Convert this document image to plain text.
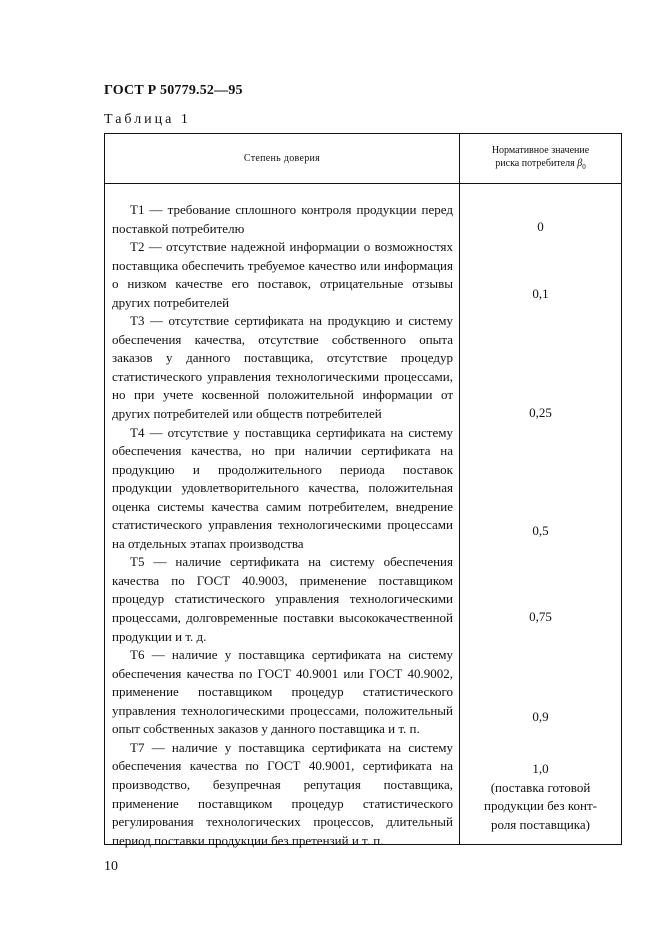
ГОСТ Р 50779.52—95
Таблица 1
Степень доверия
Нормативное значение
риска потребителя $\beta_0$

Т1 — требование сплошного контроля продукции перед поставкой потребителю

Т2 — отсутствие надежной информации о возможностях поставщика обеспечить требуемое качество или информация о низком качестве его поставок, отрицательные отзывы других потребителей

Т3 — отсутствие сертификата на продукцию и систему обеспечения качества, отсутствие собственного опыта заказов у данного поставщика, отсутствие процедур статистического управления технологическими процессами, но при учете косвенной положительной информации от других потребителей или обществ потребителей

Т4 — отсутствие у поставщика сертификата на систему обеспечения качества, но при наличии сертификата на продукцию и продолжительного периода поставок продукции удовлетворительного качества, положительная оценка системы качества самим потребителем, внедрение статистического управления технологическими процессами на отдельных этапах производства

Т5 — наличие сертификата на систему обеспечения качества по ГОСТ 40.9003, применение поставщиком процедур статистического управления технологическими процессами, долговременные поставки высококачественной продукции и т. д.

Т6 — наличие у поставщика сертификата на систему обеспечения качества по ГОСТ 40.9001 или ГОСТ 40.9002, применение поставщиком процедур статистического управления технологическими процессами, положительный опыт собственных заказов у данного поставщика и т. п.

Т7 — наличие у поставщика сертификата на систему обеспечения качества по ГОСТ 40.9001, сертификата на производство, безупречная репутация поставщика, применение поставщиком процедур статистического регулирования технологических процессов, длительный период поставки продукции без претензий и т. п.

0
0,1
0,25
0,5
0,75
0,9
1,0
(поставка готовой
продукции без конт-
роля поставщика)
10
